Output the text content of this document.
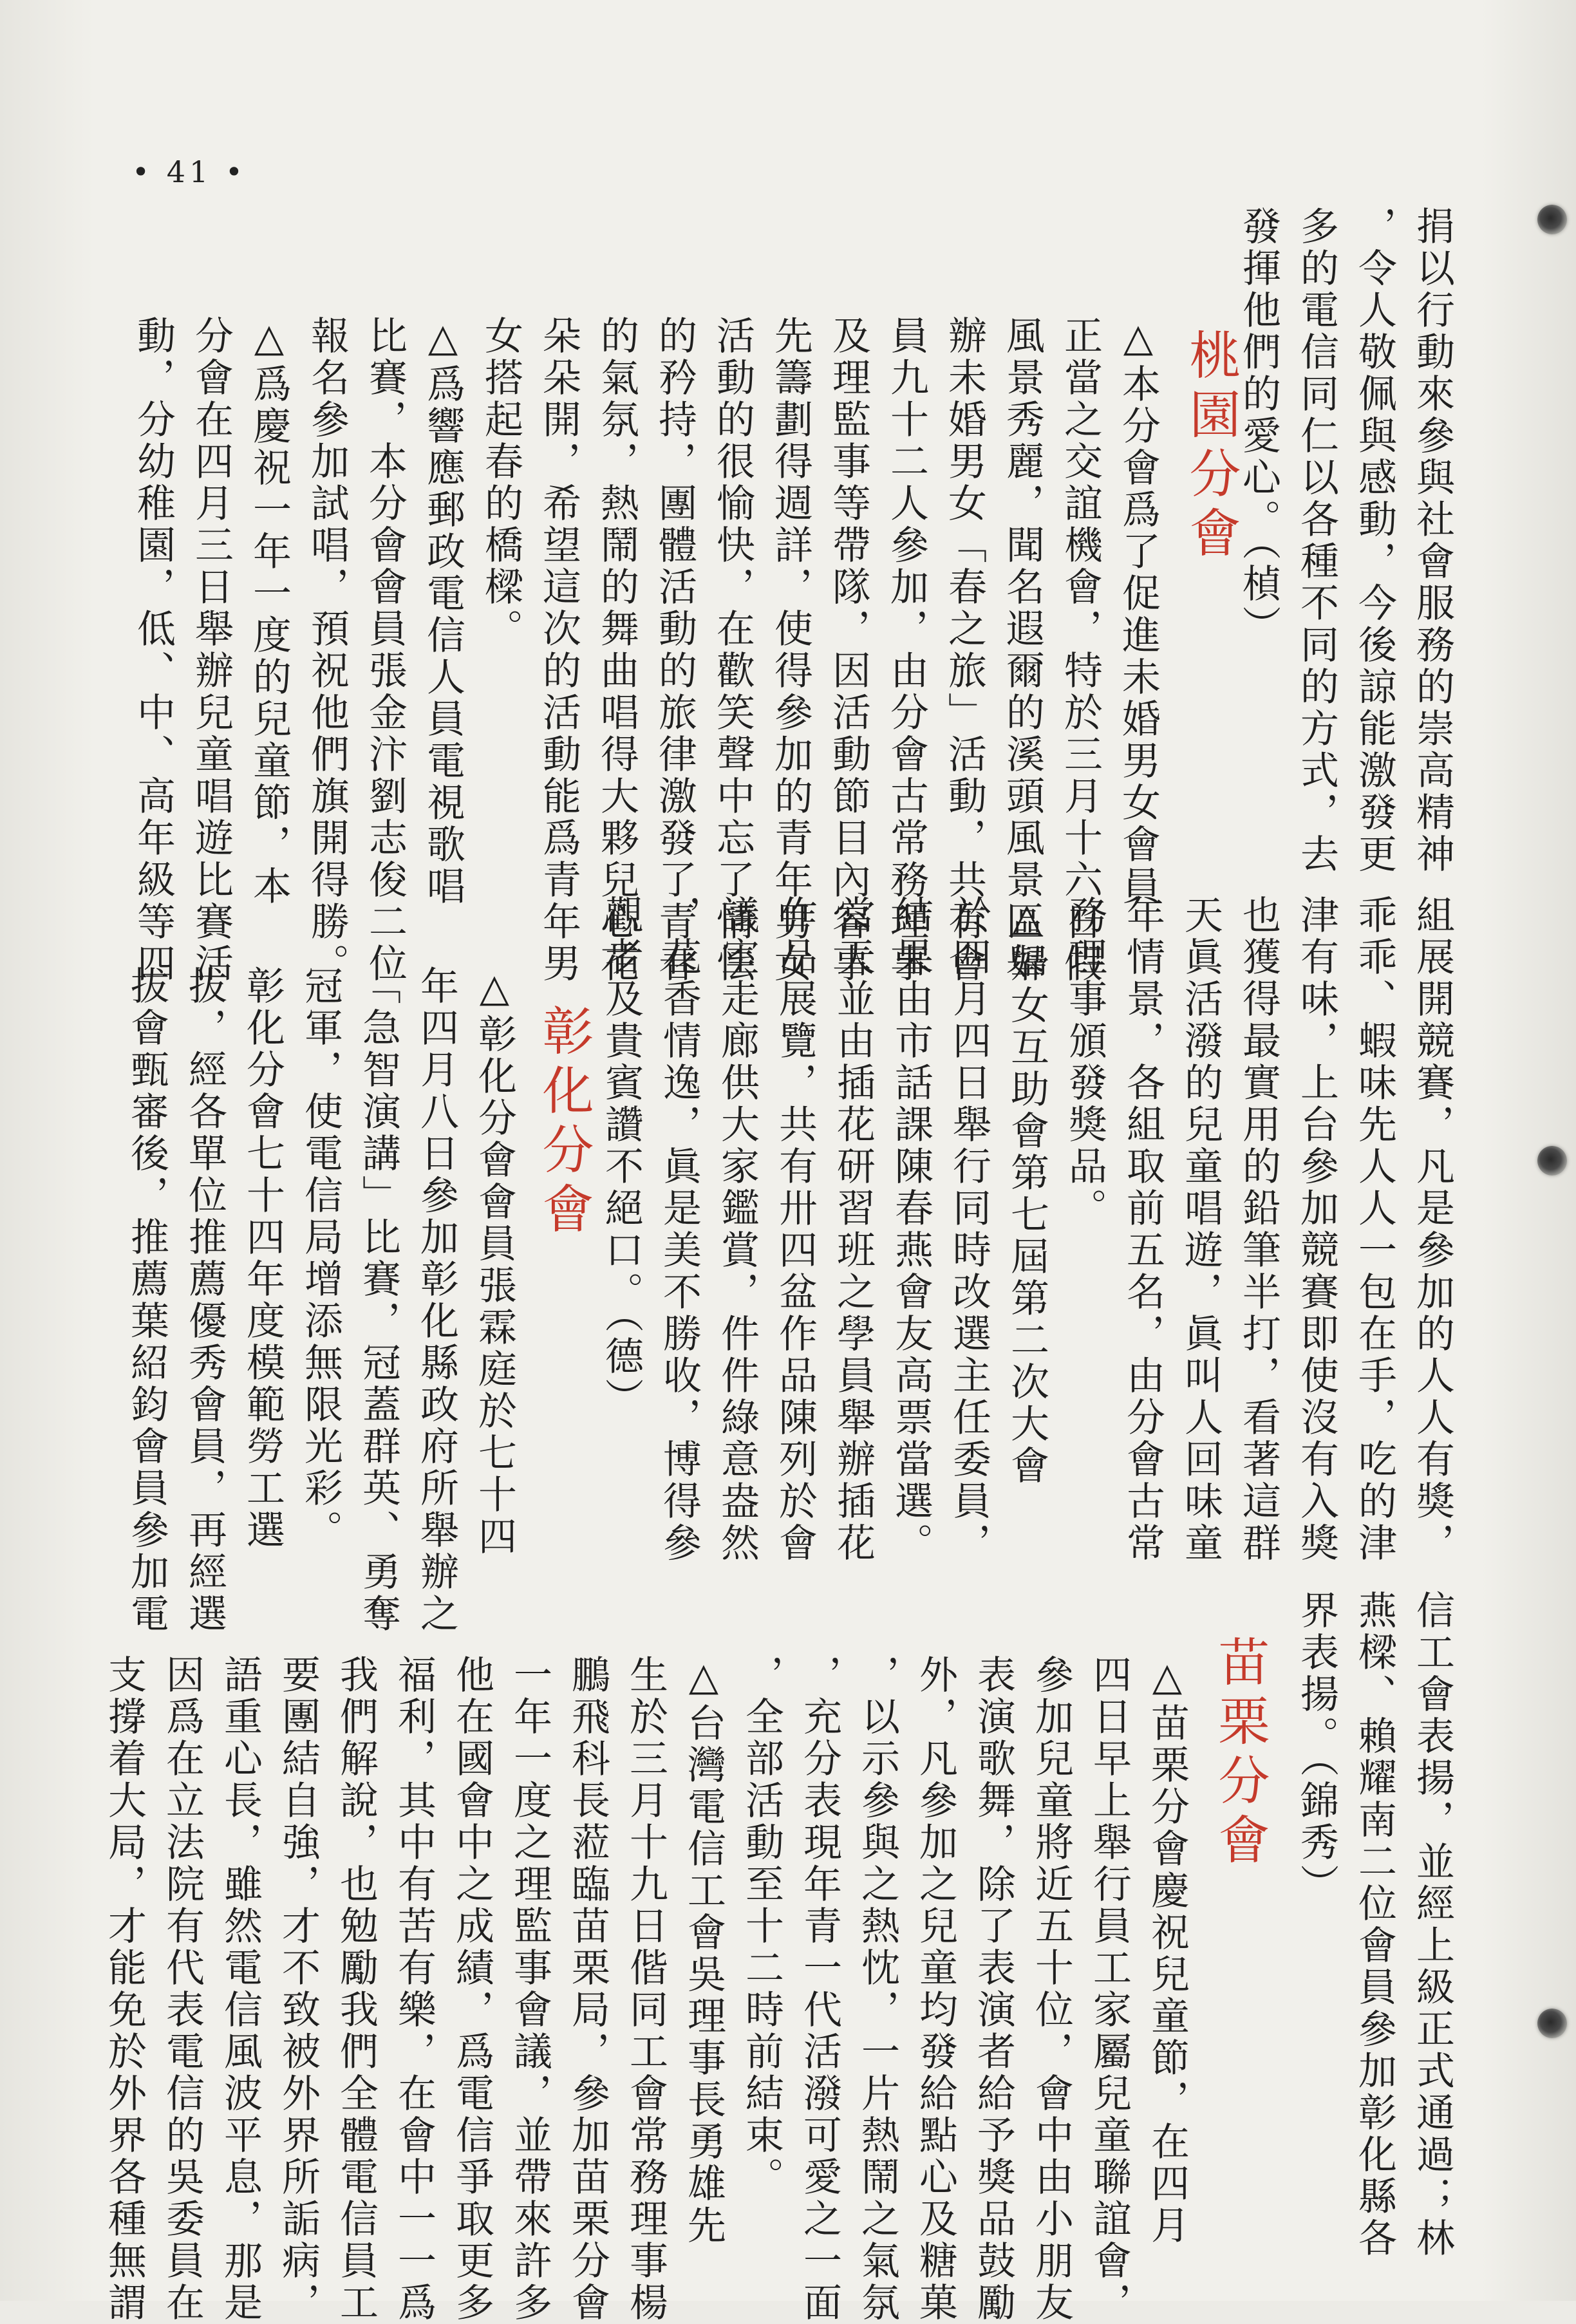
• 41 •
捐以行動來參與社會服務的崇高精神
，令人敬佩與感動，今後諒能激發更
多的電信同仁以各種不同的方式，去
發揮他們的愛心。（楨）
桃園分會
△本分會爲了促進未婚男女會員
正當之交誼機會，特於三月十六日假
風景秀麗，聞名遐爾的溪頭風景區舉
辦未婚男女「春之旅」活動，共有會
員九十二人參加，由分會古常務理事
及理監事等帶隊，因活動節目內容事
先籌劃得週詳，使得參加的青年男女
活動的很愉快，在歡笑聲中忘了情怯
的矜持，團體活動的旅律激發了青春
的氣氛，熱鬧的舞曲唱得大夥兒心花
朵朵開，希望這次的活動能爲青年男
女搭起春的橋樑。
△爲響應郵政電信人員電視歌唱
比賽，本分會會員張金汴劉志俊二位
報名參加試唱，預祝他們旗開得勝。
△爲慶祝一年一度的兒童節，本
分會在四月三日舉辦兒童唱遊比賽活
動，分幼稚園，低、中、高年級等四
組展開競賽，凡是參加的人人有獎，
乖乖、蝦味先人人一包在手，吃的津
津有味，上台參加競賽即使沒有入獎
也獲得最實用的鉛筆半打，看著這群
天眞活潑的兒童唱遊，眞叫人回味童
年情景，各組取前五名，由分會古常
務理事頒發獎品。
△婦女互助會第七屆第二次大會
於四月四日舉行同時改選主任委員，
結果由市話課陳春燕會友高票當選。
當天並由插花研習班之學員舉辦插花
作品展覽，共有卅四盆作品陳列於會
議室走廊供大家鑑賞，件件綠意盎然
，花香情逸，眞是美不勝收，博得參
觀者及貴賓讚不絕口。（德）
彰化分會
△彰化分會會員張霖庭於七十四
年四月八日參加彰化縣政府所舉辦之
「急智演講」比賽，冠蓋群英、勇奪
冠軍，使電信局增添無限光彩。
彰化分會七十四年度模範勞工選
拔，經各單位推薦優秀會員，再經選
拔會甄審後，推薦葉紹鈞會員參加電
信工會表揚，並經上級正式通過；林
燕樑、賴耀南二位會員參加彰化縣各
界表揚。（錦秀）
苗栗分會
△苗栗分會慶祝兒童節，在四月
四日早上舉行員工家屬兒童聯誼會，
參加兒童將近五十位，會中由小朋友
表演歌舞，除了表演者給予獎品鼓勵
外，凡參加之兒童均發給點心及糖菓
，以示參與之熱忱，一片熱鬧之氣氛
，充分表現年青一代活潑可愛之一面
，全部活動至十二時前結束。
△台灣電信工會吳理事長勇雄先
生於三月十九日偕同工會常務理事楊
鵬飛科長蒞臨苗栗局，參加苗栗分會
一年一度之理監事會議，並帶來許多
他在國會中之成績，爲電信爭取更多
福利，其中有苦有樂，在會中一一爲
我們解說，也勉勵我們全體電信員工
要團結自強，才不致被外界所詬病，
語重心長，雖然電信風波平息，那是
因爲在立法院有代表電信的吳委員在
支撐着大局，才能免於外界各種無謂
